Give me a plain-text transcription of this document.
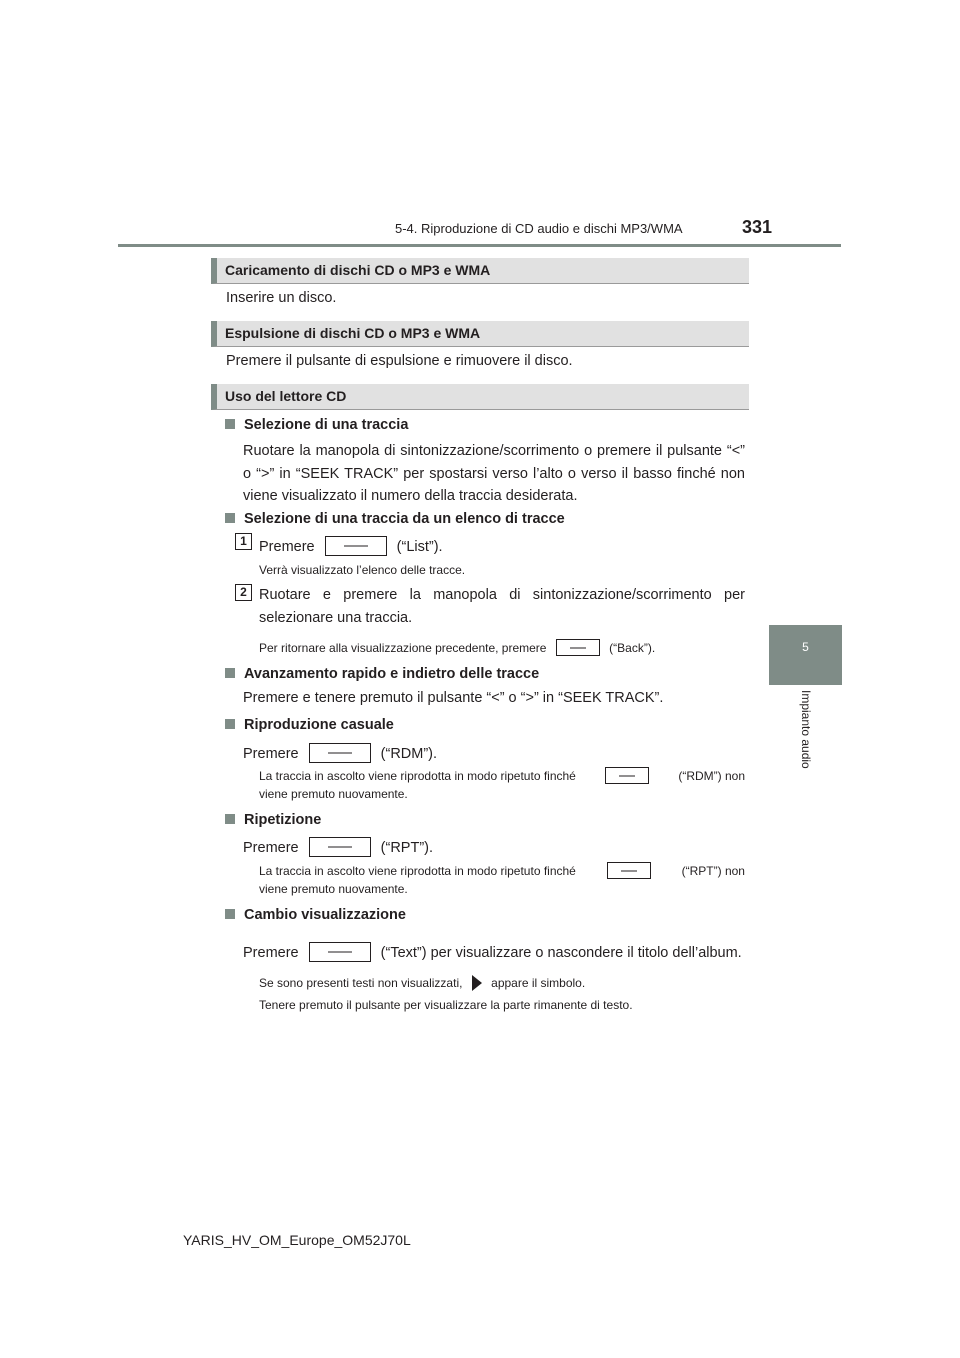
5-4. Riproduzione di CD audio e dischi MP3/WMA	331
5
Impianto audio
Caricamento di dischi CD o MP3 e WMA
Inserire un disco.
Espulsione di dischi CD o MP3 e WMA
Premere il pulsante di espulsione e rimuovere il disco.
Uso del lettore CD
Selezione di una traccia
Ruotare la manopola di sintonizzazione/scorrimento o premere il pulsante “<” o “>” in “SEEK TRACK” per spostarsi verso l’alto o verso il basso finché non viene visualizzato il numero della traccia desiderata.
Selezione di una traccia da un elenco di tracce
1 Premere	(“List”).
Verrà visualizzato l’elenco delle tracce.
2 Ruotare e premere la manopola di sintonizzazione/scorrimento per selezionare una traccia.
Per ritornare alla visualizzazione precedente, premere	(“Back”).
Avanzamento rapido e indietro delle tracce
Premere e tenere premuto il pulsante “<” o “>” in “SEEK TRACK”.
Riproduzione casuale
Premere	(“RDM”).
La traccia in ascolto viene riprodotta in modo ripetuto finché	(“RDM”) non
viene premuto nuovamente.
Ripetizione
Premere	(“RPT”).
La traccia in ascolto viene riprodotta in modo ripetuto finché	(“RPT”) non
viene premuto nuovamente.
Cambio visualizzazione
Premere	(“Text”) per visualizzare o nascondere il titolo dell’album.
Se sono presenti testi non visualizzati, appare il simbolo.
Tenere premuto il pulsante per visualizzare la parte rimanente di testo.
YARIS_HV_OM_Europe_OM52J70L
